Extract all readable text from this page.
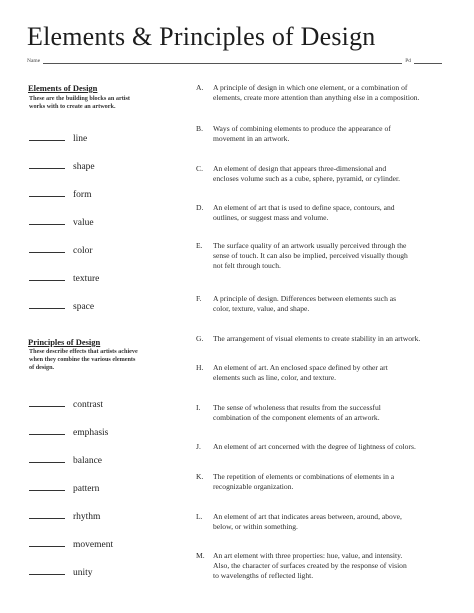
Elements & Principles of Design
Name	Pd
Elements of Design
These are the building blocks an artist
works with to create an artwork.
line
shape
form
value
color
texture
space
Principles of Design
These describe effects that artists achieve
when they combine the various elements
of design.
contrast
emphasis
balance
pattern
rhythm
movement
unity
A. A principle of design in which one element, or a combination of
elements, create more attention than anything else in a composition.
B. Ways of combining elements to produce the appearance of
movement in an artwork.
C. An element of design that appears three-dimensional and
encloses volume such as a cube, sphere, pyramid, or cylinder.
D. An element of art that is used to define space, contours, and
outlines, or suggest mass and volume.
E. The surface quality of an artwork usually perceived through the
sense of touch. It can also be implied, perceived visually though
not felt through touch.
F. A principle of design. Differences between elements such as
color, texture, value, and shape.
G. The arrangement of visual elements to create stability in an artwork.
H. An element of art. An enclosed space defined by other art
elements such as line, color, and texture.
I. The sense of wholeness that results from the successful
combination of the component elements of an artwork.
J. An element of art concerned with the degree of lightness of colors.
K. The repetition of elements or combinations of elements in a
recognizable organization.
L. An element of art that indicates areas between, around, above,
below, or within something.
M. An art element with three properties: hue, value, and intensity.
Also, the character of surfaces created by the response of vision
to wavelengths of reflected light.
